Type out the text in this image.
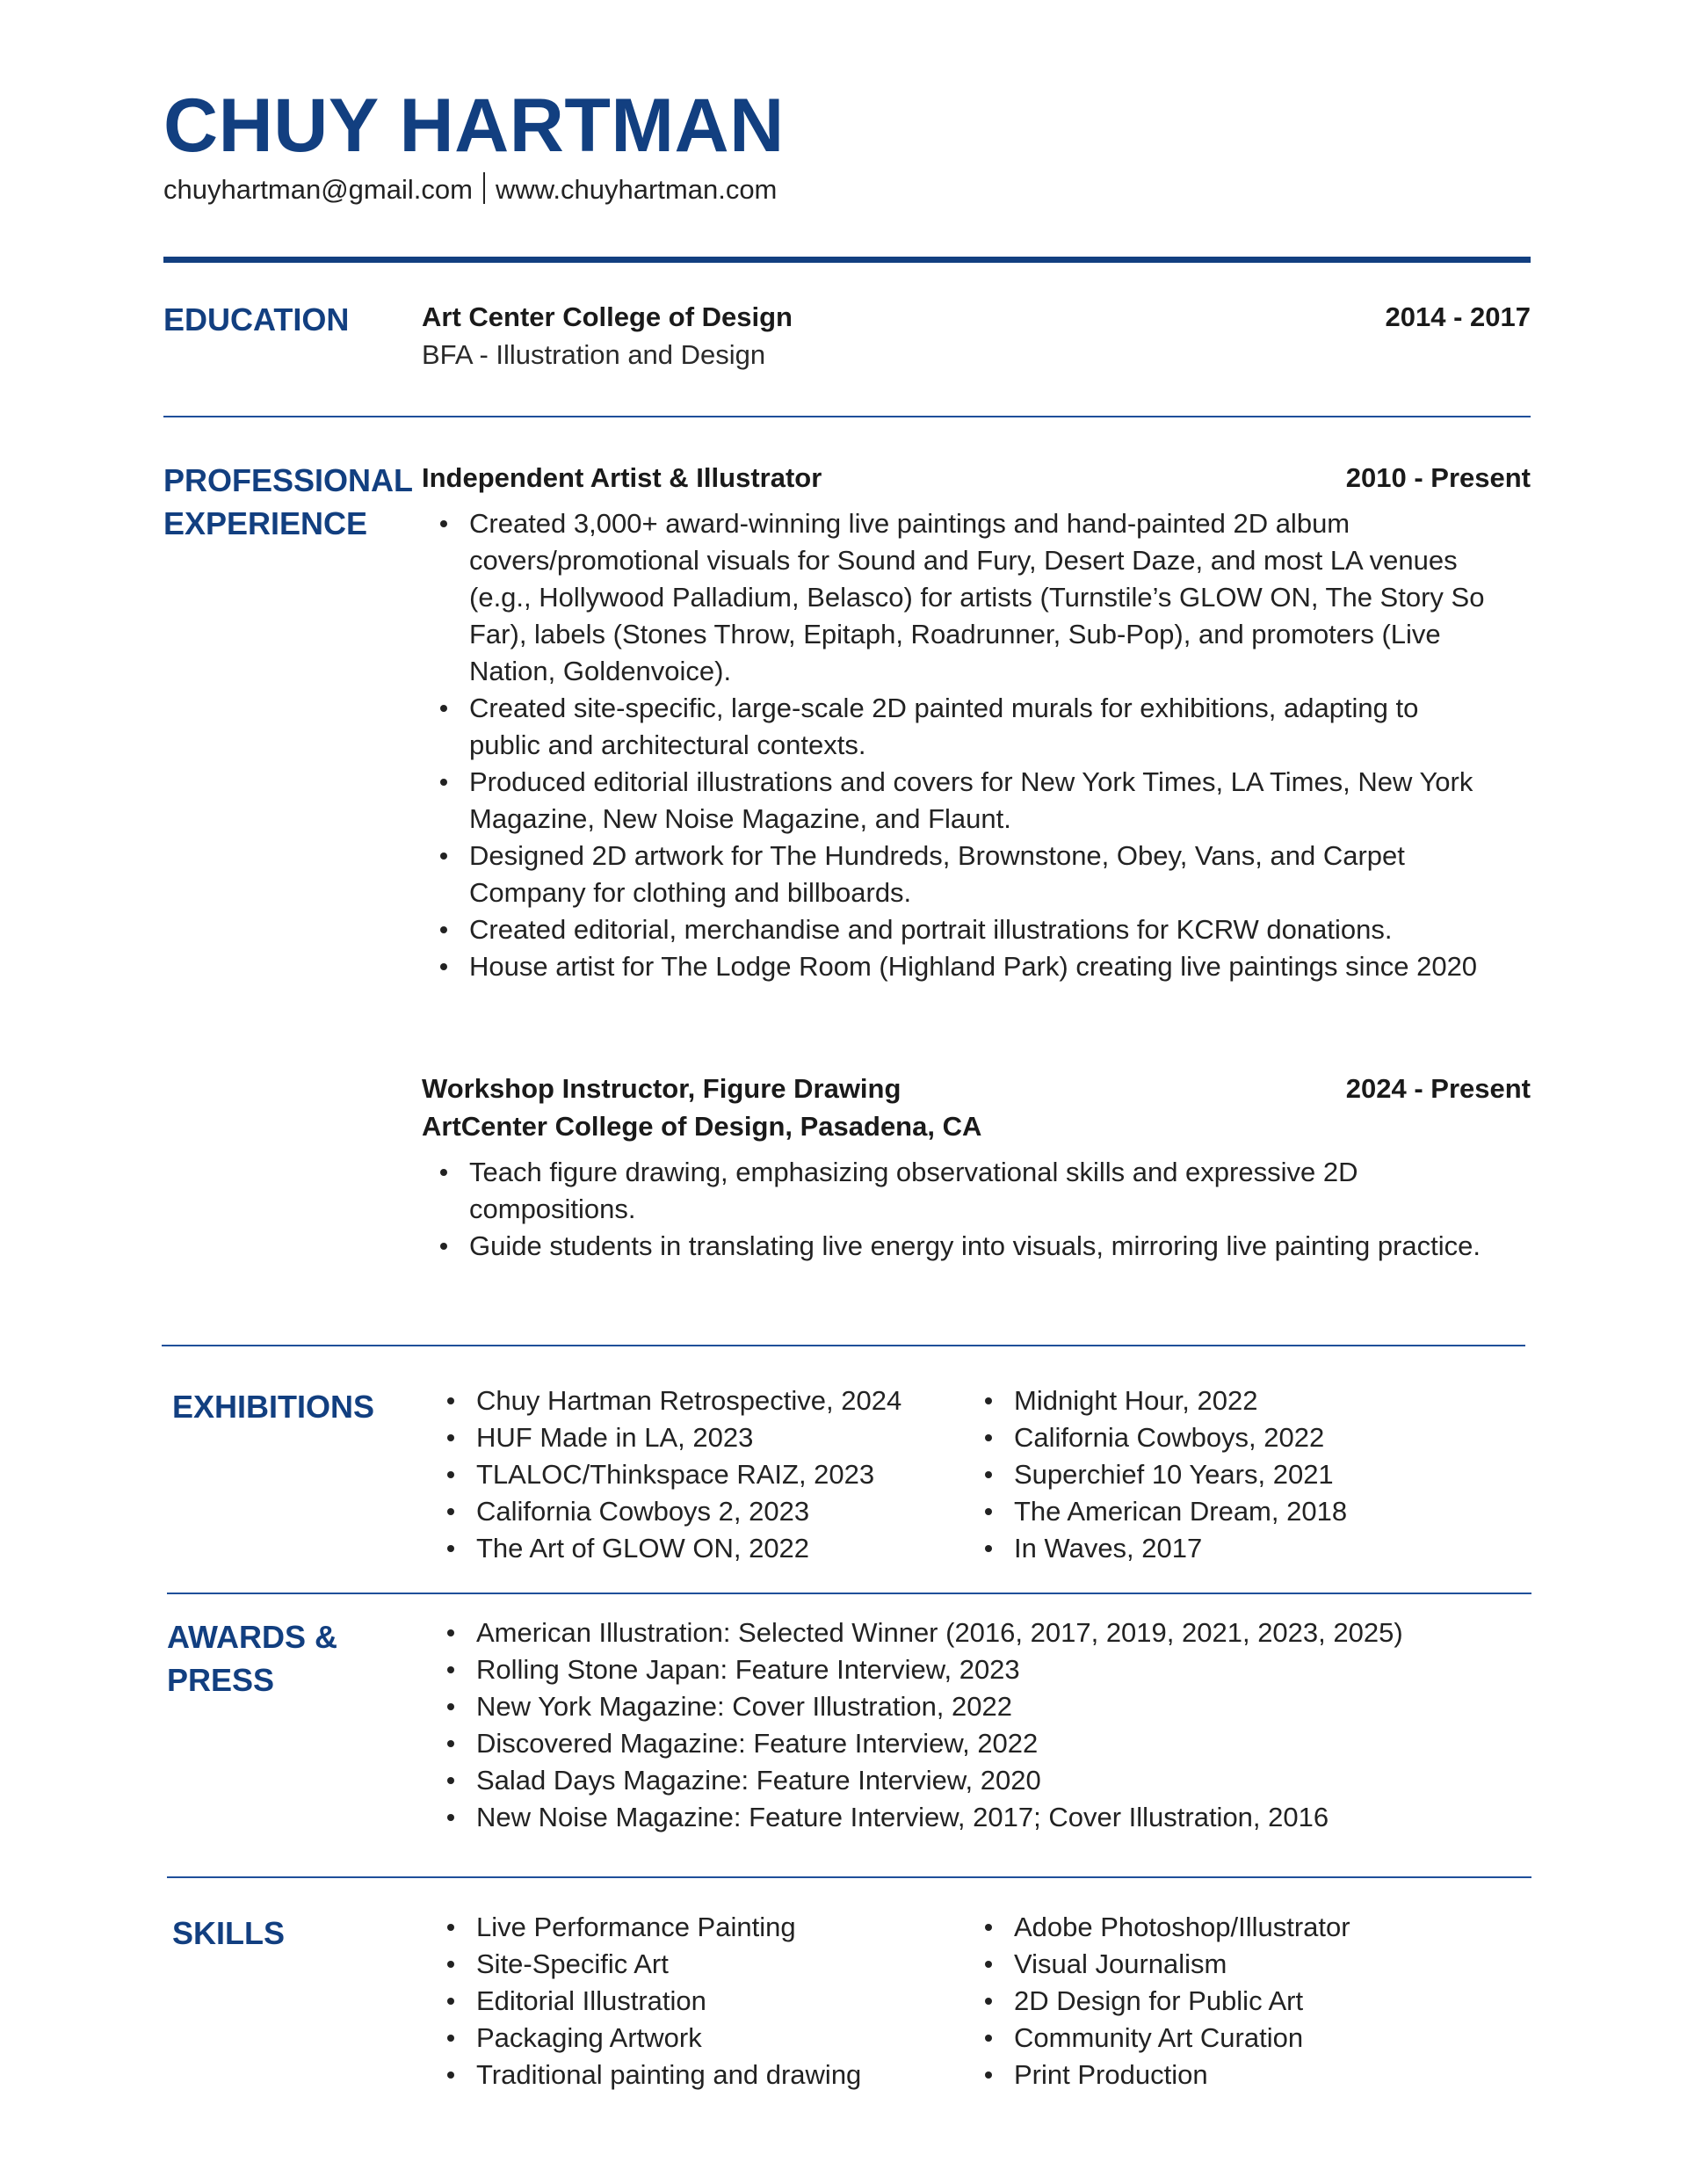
CHUY HARTMAN
chuyhartman@gmail.com www.chuyhartman.com
EDUCATION	Art Center College of Design	2014 - 2017
BFA - Illustration and Design
PROFESSIONAL
EXPERIENCE
Independent Artist & Illustrator	2010 - Present
Created 3,000+ award-winning live paintings and hand-painted 2D album covers/promotional visuals for Sound and Fury, Desert Daze, and most LA venues (e.g., Hollywood Palladium, Belasco) for artists (Turnstile’s GLOW ON, The Story So Far), labels (Stones Throw, Epitaph, Roadrunner, Sub-Pop), and promoters (Live Nation, Goldenvoice).
Created site-specific, large-scale 2D painted murals for exhibitions, adapting to public and architectural contexts.
Produced editorial illustrations and covers for New York Times, LA Times, New York Magazine, New Noise Magazine, and Flaunt.
Designed 2D artwork for The Hundreds, Brownstone, Obey, Vans, and Carpet Company for clothing and billboards.
Created editorial, merchandise and portrait illustrations for KCRW donations.
House artist for The Lodge Room (Highland Park) creating live paintings since 2020
Workshop Instructor, Figure Drawing	2024 - Present
ArtCenter College of Design, Pasadena, CA
Teach figure drawing, emphasizing observational skills and expressive 2D compositions.
Guide students in translating live energy into visuals, mirroring live painting practice.
EXHIBITIONS	Chuy Hartman Retrospective, 2024
HUF Made in LA, 2023
TLALOC/Thinkspace RAIZ, 2023
California Cowboys 2, 2023
The Art of GLOW ON, 2022
Midnight Hour, 2022
California Cowboys, 2022
Superchief 10 Years, 2021
The American Dream, 2018
In Waves, 2017
AWARDS &
PRESS
American Illustration: Selected Winner (2016, 2017, 2019, 2021, 2023, 2025)
Rolling Stone Japan: Feature Interview, 2023
New York Magazine: Cover Illustration, 2022
Discovered Magazine: Feature Interview, 2022
Salad Days Magazine: Feature Interview, 2020
New Noise Magazine: Feature Interview, 2017; Cover Illustration, 2016
SKILLS	Live Performance Painting
Site-Specific Art
Editorial Illustration
Packaging Artwork
Traditional painting and drawing
Adobe Photoshop/Illustrator
Visual Journalism
2D Design for Public Art
Community Art Curation
Print Production
